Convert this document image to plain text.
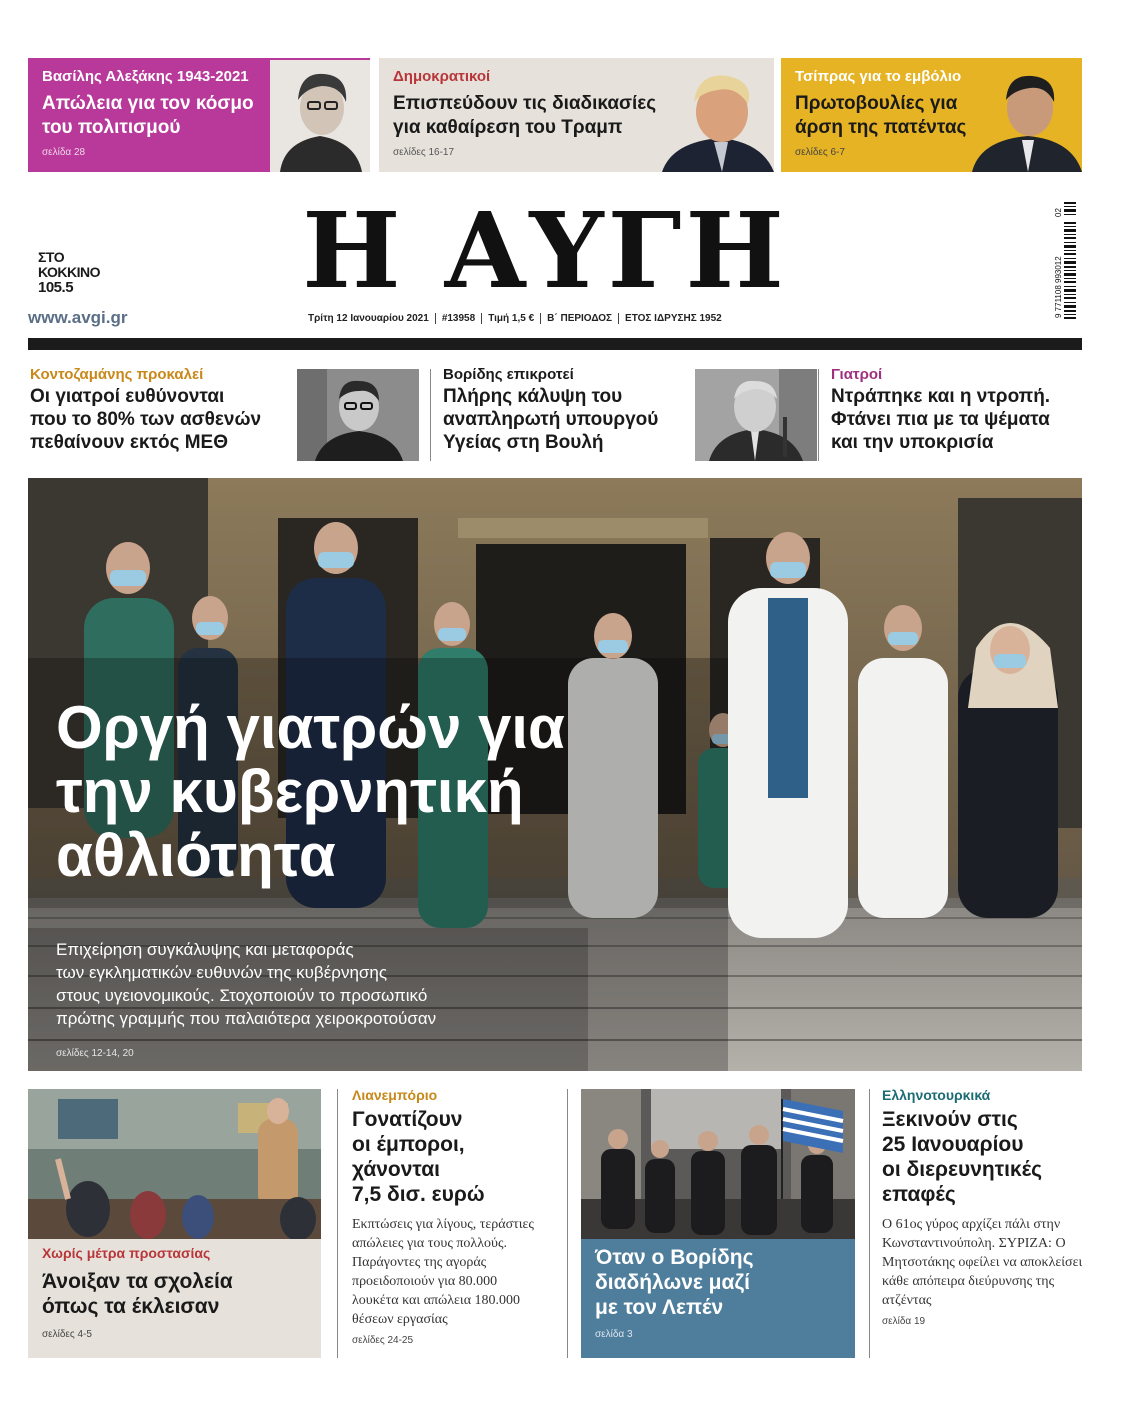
Βασίλης Αλεξάκης 1943-2021
Απώλεια για τον κόσμο του πολιτισμού
σελίδα 28
Δημοκρατικοί
Επισπεύδουν τις διαδικασίες
για καθαίρεση του Τραμπ
σελίδες 16-17
Τσίπρας για το εμβόλιο
Πρωτοβουλίες για
άρση της πατέντας
σελίδες 6-7
ΣΤΟ
ΚΟΚΚΙΝΟ
105.5
www.avgi.gr
Η ΑΥΓΗ
Τρίτη 12 Ιανουαρίου 2021	#13958	Τιμή 1,5 €	Β΄ ΠΕΡΙΟΔΟΣ	ΕΤΟΣ ΙΔΡΥΣΗΣ 1952
9 771108 993012
02
Κοντοζαμάνης προκαλεί
Οι γιατροί ευθύνονται
που το 80% των ασθενών
πεθαίνουν εκτός ΜΕΘ
Βορίδης επικροτεί
Πλήρης κάλυψη του
αναπληρωτή υπουργού
Υγείας στη Βουλή
Γιατροί
Ντράπηκε και η ντροπή.
Φτάνει πια με τα ψέματα
και την υποκρισία
Οργή γιατρών για
την κυβερνητική
αθλιότητα
Επιχείρηση συγκάλυψης και μεταφοράς
των εγκληματικών ευθυνών της κυβέρνησης
στους υγειονομικούς. Στοχοποιούν το προσωπικό
πρώτης γραμμής που παλαιότερα χειροκροτούσαν
σελίδες 12-14, 20
Χωρίς μέτρα προστασίας
Άνοιξαν τα σχολεία
όπως τα έκλεισαν
σελίδες 4-5
Λιανεμπόριο
Γονατίζουν
οι έμποροι,
χάνονται
7,5 δισ. ευρώ
Εκπτώσεις για λίγους, τεράστιες απώλειες για τους πολλούς. Παράγοντες της αγοράς προειδοποιούν για 80.000 λουκέτα και απώλεια 180.000 θέσεων εργασίας
σελίδες 24-25
Όταν ο Βορίδης
διαδήλωνε μαζί
με τον Λεπέν
σελίδα 3
Ελληνοτουρκικά
Ξεκινούν στις
25 Ιανουαρίου
οι διερευνητικές
επαφές
Ο 61ος γύρος αρχίζει πάλι στην Κωνσταντινούπολη. ΣΥΡΙΖΑ: Ο Μητσοτάκης οφείλει να αποκλείσει κάθε απόπειρα διεύρυνσης της ατζέντας
σελίδα 19
